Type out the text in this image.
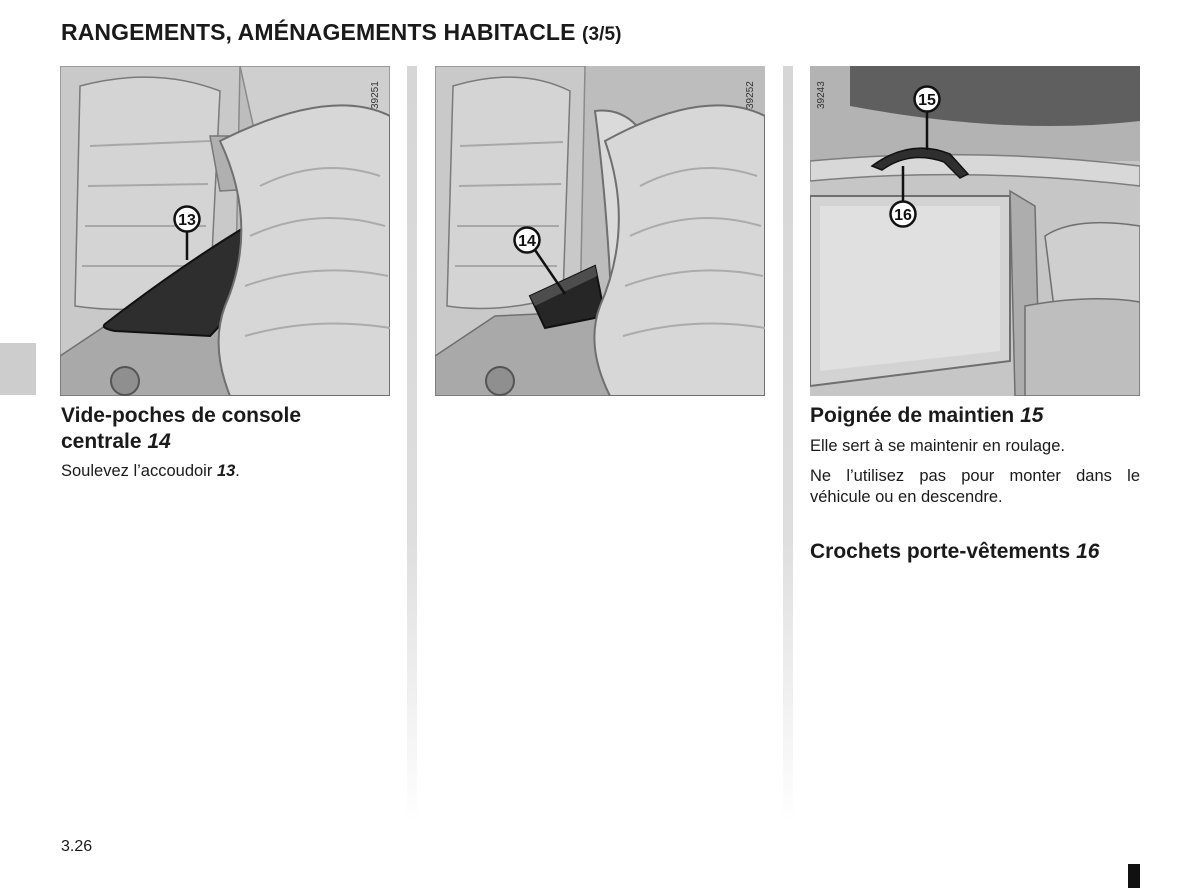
RANGEMENTS, AMÉNAGEMENTS HABITACLE (3/5)
13
39251
14
39252	15
16
39243
Vide-poches de console
centrale 14

Soulevez l’accoudoir 13.

Poignée de maintien 15

Elle sert à se maintenir en roulage.

Ne l’utilisez pas pour monter dans le véhicule ou en descendre.

Crochets porte-vêtements 16
3.26
